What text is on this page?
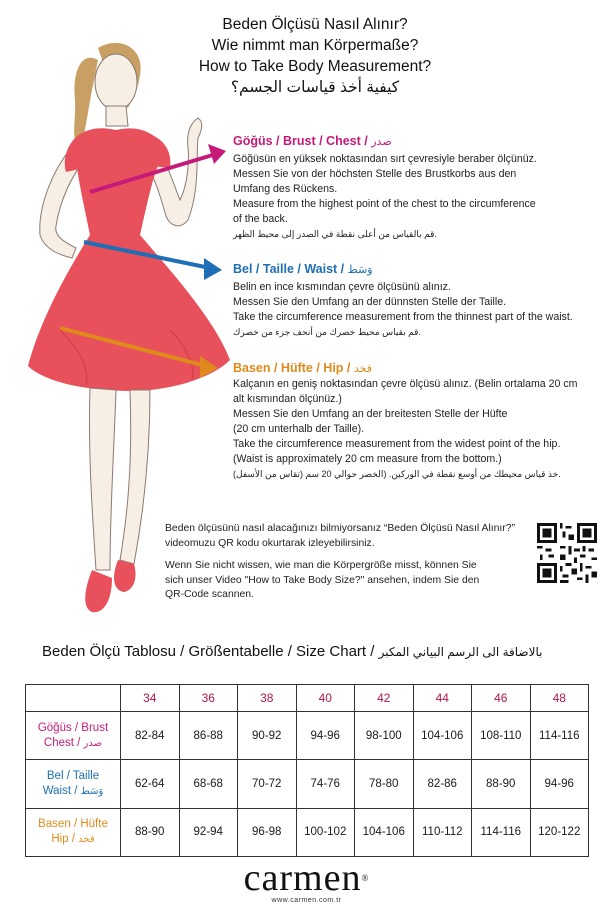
Beden Ölçüsü Nasıl Alınır?
Wie nimmt man Körpermaße?
How to Take Body Measurement?
كيفية أخذ قياسات الجسم؟
Göğüs / Brust / Chest / صدر
Göğüsün en yüksek noktasından sırt çevresiyle beraber ölçünüz.
Messen Sie von der höchsten Stelle des Brustkorbs aus den
Umfang des Rückens.
Measure from the highest point of the chest to the circumference
of the back.
قم بالقياس من أعلى نقطة في الصدر إلى محيط الظهر.
Bel / Taille / Waist / وَسَط
Belin en ince kısmından çevre ölçüsünü alınız.
Messen Sie den Umfang an der dünnsten Stelle der Taille.
Take the circumference measurement from the thinnest part of the waist.
قم بقياس محيط خصرك من أنحف جزء من خصرك.
Basen / Hüfte / Hip / فخد
Kalçanın en geniş noktasından çevre ölçüsü alınız. (Belin ortalama 20 cm
alt kısmından ölçünüz.)
Messen Sie den Umfang an der breitesten Stelle der Hüfte
(20 cm unterhalb der Taille).
Take the circumference measurement from the widest point of the hip.
(Waist is approximately 20 cm measure from the bottom.)
خذ قياس محيطك من أوسع نقطة في الوركين. (الخصر حوالي 20 سم (تقاس من الأسفل).
Beden ölçüsünü nasıl alacağınızı bilmiyorsanız “Beden Ölçüsü Nasıl Alınır?”
videomuzu QR kodu okurtarak izleyebilirsiniz.
Wenn Sie nicht wissen, wie man die Körpergröße misst, können Sie
sich unser Video "How to Take Body Size?" ansehen, indem Sie den
QR-Code scannen.
Beden Ölçü Tablosu / Größentabelle / Size Chart / بالاضافة الى الرسم البياني المكبر
	34	36	38	40	42	44	46	48

Göğüs / Brust
Chest / صدر	82-84	86-88	90-92	94-96	98-100	104-106	108-110	114-116

Bel / Taille
Waist / وَسَط	62-64	68-68	70-72	74-76	78-80	82-86	88-90	94-96

Basen / Hüfte
Hip / فخد	88-90	92-94	96-98	100-102	104-106	110-112	114-116	120-122
carmen®
www.carmen.com.tr
